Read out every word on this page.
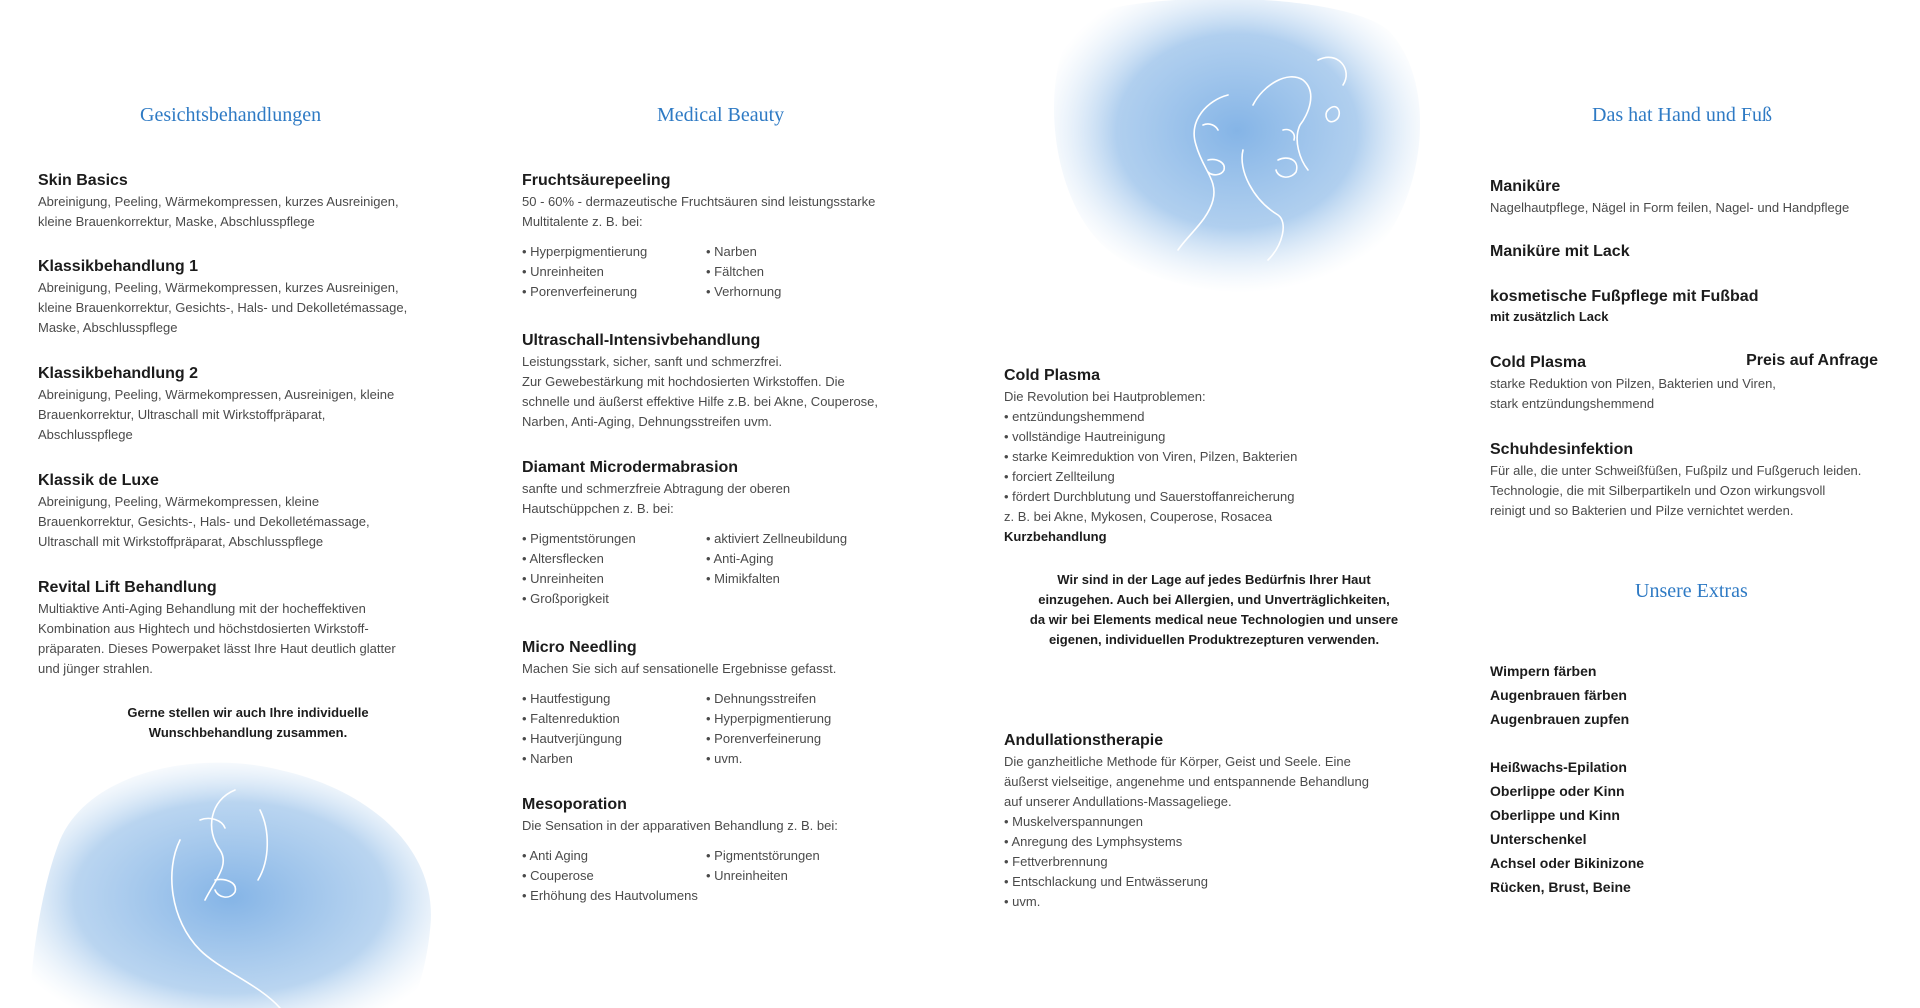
Gesichtsbehandlungen

Skin Basics

Abreinigung, Peeling, Wärmekompressen, kurzes Ausreinigen,
kleine Brauenkorrektur, Maske, Abschlusspflege

Klassikbehandlung 1

Abreinigung, Peeling, Wärmekompressen, kurzes Ausreinigen,
kleine Brauenkorrektur, Gesichts-, Hals- und Dekolletémassage,
Maske, Abschlusspflege

Klassikbehandlung 2

Abreinigung, Peeling, Wärmekompressen, Ausreinigen, kleine
Brauenkorrektur, Ultraschall mit Wirkstoffpräparat,
Abschlusspflege

Klassik de Luxe

Abreinigung, Peeling, Wärmekompressen, kleine
Brauenkorrektur, Gesichts-, Hals- und Dekolletémassage,
Ultraschall mit Wirkstoffpräparat, Abschlusspflege

Revital Lift Behandlung

Multiaktive Anti-Aging Behandlung mit der hocheffektiven
Kombination aus Hightech und höchstdosierten Wirkstoff-
präparaten. Dieses Powerpaket lässt Ihre Haut deutlich glatter
und jünger strahlen.

Gerne stellen wir auch Ihre individuelle
Wunschbehandlung zusammen.
Medical Beauty

Fruchtsäurepeeling

50 - 60% - dermazeutische Fruchtsäuren sind leistungsstarke
Multitalente z. B. bei:

• Hyperpigmentierung	• Narben
• Unreinheiten	• Fältchen
• Porenverfeinerung	• Verhornung

Ultraschall-Intensivbehandlung

Leistungsstark, sicher, sanft und schmerzfrei.
Zur Gewebestärkung mit hochdosierten Wirkstoffen. Die
schnelle und äußerst effektive Hilfe z.B. bei Akne, Couperose,
Narben, Anti-Aging, Dehnungsstreifen uvm.

Diamant Microdermabrasion

sanfte und schmerzfreie Abtragung der oberen
Hautschüppchen z. B. bei:

• Pigmentstörungen	• aktiviert Zellneubildung
• Altersflecken	• Anti-Aging
• Unreinheiten	• Mimikfalten
• Großporigkeit

Micro Needling

Machen Sie sich auf sensationelle Ergebnisse gefasst.

• Hautfestigung	• Dehnungsstreifen
• Faltenreduktion	• Hyperpigmentierung
• Hautverjüngung	• Porenverfeinerung
• Narben	• uvm.

Mesoporation

Die Sensation in der apparativen Behandlung z. B. bei:

• Anti Aging	• Pigmentstörungen
• Couperose	• Unreinheiten
• Erhöhung des Hautvolumens

Cold Plasma

Die Revolution bei Hautproblemen:

• entzündungshemmend
• vollständige Hautreinigung
• starke Keimreduktion von Viren, Pilzen, Bakterien
• forciert Zellteilung
• fördert Durchblutung und Sauerstoffanreicherung

z. B. bei Akne, Mykosen, Couperose, Rosacea

Kurzbehandlung

Wir sind in der Lage auf jedes Bedürfnis Ihrer Haut
einzugehen. Auch bei Allergien, und Unverträglichkeiten,
da wir bei Elements medical neue Technologien und unsere
eigenen, individuellen Produktrezepturen verwenden.

Andullationstherapie

Die ganzheitliche Methode für Körper, Geist und Seele. Eine
äußerst vielseitige, angenehme und entspannende Behandlung
auf unserer Andullations-Massageliege.

• Muskelverspannungen
• Anregung des Lymphsystems
• Fettverbrennung
• Entschlackung und Entwässerung
• uvm.
Das hat Hand und Fuß

Maniküre

Nagelhautpflege, Nägel in Form feilen, Nagel- und Handpflege

Maniküre mit Lack

kosmetische Fußpflege mit Fußbad

mit zusätzlich Lack

Cold Plasma	Preis auf Anfrage

starke Reduktion von Pilzen, Bakterien und Viren,
stark entzündungshemmend

Schuhdesinfektion

Für alle, die unter Schweißfüßen, Fußpilz und Fußgeruch leiden.
Technologie, die mit Silberpartikeln und Ozon wirkungsvoll
reinigt und so Bakterien und Pilze vernichtet werden.

Unsere Extras
Wimpern färben
Augenbrauen färben
Augenbrauen zupfen
Heißwachs-Epilation
Oberlippe oder Kinn
Oberlippe und Kinn
Unterschenkel
Achsel oder Bikinizone
Rücken, Brust, Beine
